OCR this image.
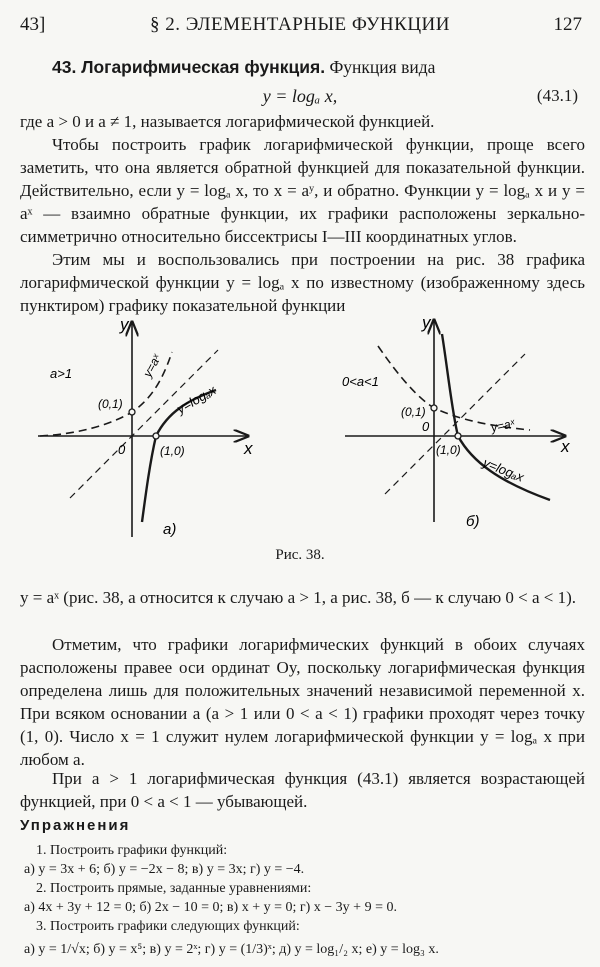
43]	§ 2. ЭЛЕМЕНТАРНЫЕ ФУНКЦИИ	127
43. Логарифмическая функция. Функция вида
y = logₐ x,	(43.1)
где a > 0 и a ≠ 1, называется логарифмической функцией.
Чтобы построить график логарифмической функции, проще всего заметить, что она является обратной функцией для показательной функции. Действительно, если y = logₐ x, то x = aʸ, и обратно. Функции y = logₐ x и y = aˣ — взаимно обратные функции, их графики расположены зеркально-симметрично относительно биссектрисы I—III координатных углов.
Этим мы и воспользовались при построении на рис. 38 графика логарифмической функции y = logₐ x по известному (изображенному здесь пунктиром) графику показательной функции
a>1
y
x
0
(0,1)
(1,0)
y=aˣ
y=logₐx
а)
0<a<1
y
x
0
(0,1)
(1,0)
y=aˣ
y=logₐx
б)
Рис. 38.
y = aˣ (рис. 38, а относится к случаю a > 1, а рис. 38, б — к случаю 0 < a < 1).
Отметим, что графики логарифмических функций в обоих случаях расположены правее оси ординат Oy, поскольку логарифмическая функция определена лишь для положительных значений независимой переменной x. При всяком основании a (a > 1 или 0 < a < 1) графики проходят через точку (1, 0). Число x = 1 служит нулем логарифмической функции y = logₐ x при любом a.
При a > 1 логарифмическая функция (43.1) является возрастающей функцией, при 0 < a < 1 — убывающей.
Упражнения
1. Построить графики функций:
а) y = 3x + 6; б) y = −2x − 8; в) y = 3x; г) y = −4.
2. Построить прямые, заданные уравнениями:
а) 4x + 3y + 12 = 0; б) 2x − 10 = 0; в) x + y = 0; г) x − 3y + 9 = 0.
3. Построить графики следующих функций:
а) y = 1/√x; б) y = x⁵; в) y = 2ˣ; г) y = (1/3)ˣ; д) y = log₁/₂ x; е) y = log₃ x.
